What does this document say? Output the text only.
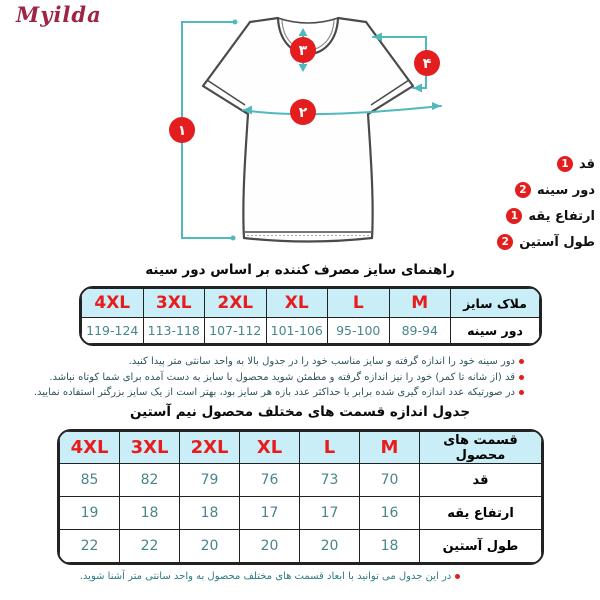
Myilda
۱
۲
۳
۴
قد
1
دور سینه
2
ارتفاع یقه
1
طول آستین
2
راهنمای سایز مصرف کننده بر اساس دور سینه
4XL	3XL	2XL	XL	L	M	ملاک سایز
119-124	113-118	107-112	101-106	95-100	89-94	دور سینه
دور سینه خود را اندازه گرفته و سایز مناسب خود را در جدول بالا به واحد سانتی متر پیدا کنید.
قد (از شانه تا کمر) خود را نیز اندازه گرفته و مطمئن شوید محصول با سایز به دست آمده برای شما کوتاه نباشد.
در صورتیکه عدد اندازه گیری شده برابر با حداکثر عدد بازه هر سایز بود، بهتر است از یک سایز بزرگتر استفاده نمایید.
جدول اندازه قسمت های مختلف محصول نیم آستین
4XL	3XL	2XL	XL	L	M	قسمت های محصول
85	82	79	76	73	70	قد
19	18	18	17	17	16	ارتفاع یقه
22	22	20	20	20	18	طول آستین
در این جدول می توانید با ابعاد قسمت های مختلف محصول به واحد سانتی متر آشنا شوید.
